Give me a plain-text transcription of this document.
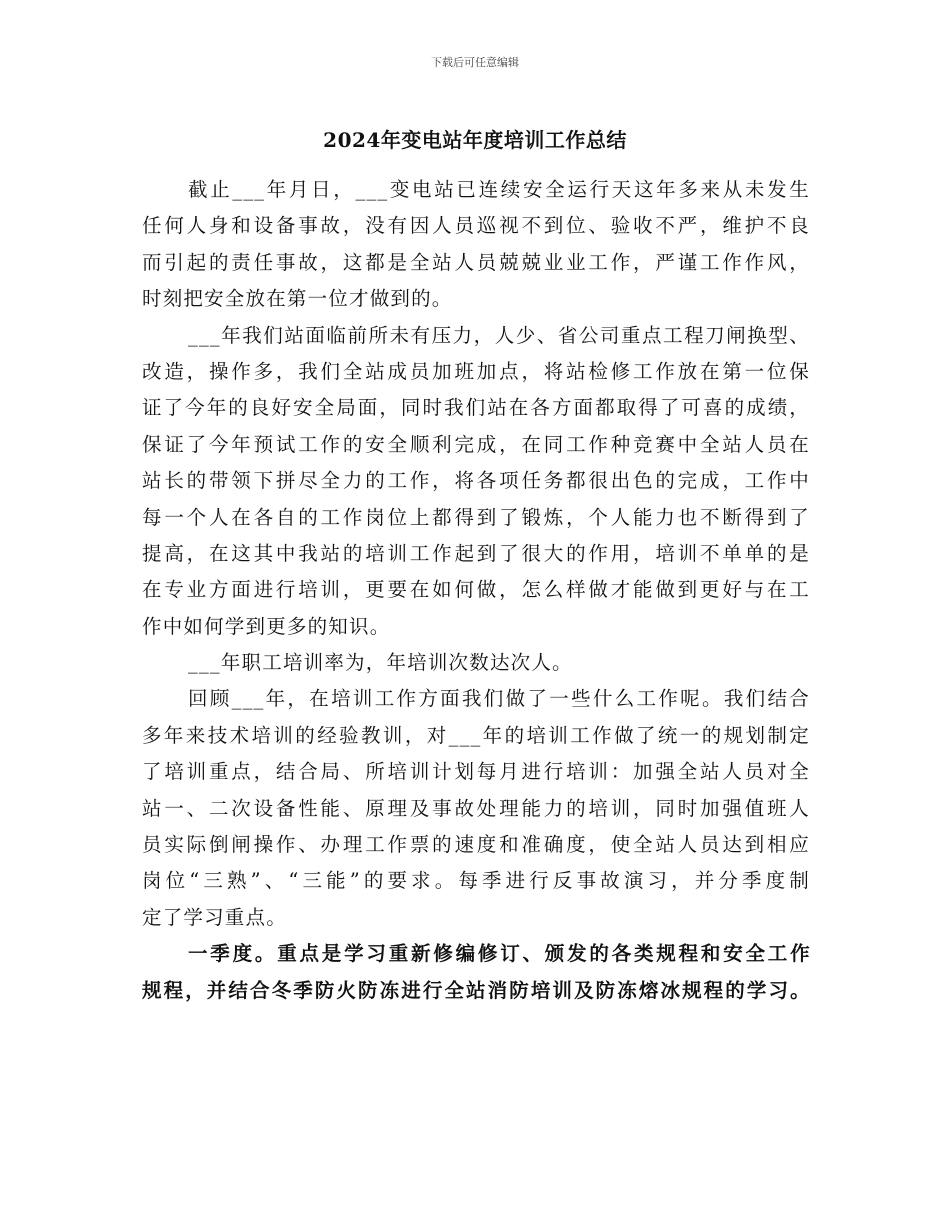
下载后可任意编辑
2024年变电站年度培训工作总结
截止___年月日，___变电站已连续安全运行天这年多来从未发生
任何人身和设备事故，没有因人员巡视不到位、验收不严，维护不良
而引起的责任事故，这都是全站人员兢兢业业工作，严谨工作作风，
时刻把安全放在第一位才做到的。
___年我们站面临前所未有压力，人少、省公司重点工程刀闸换型、
改造，操作多，我们全站成员加班加点，将站检修工作放在第一位保
证了今年的良好安全局面，同时我们站在各方面都取得了可喜的成绩，
保证了今年预试工作的安全顺利完成，在同工作种竞赛中全站人员在
站长的带领下拼尽全力的工作，将各项任务都很出色的完成，工作中
每一个人在各自的工作岗位上都得到了锻炼，个人能力也不断得到了
提高，在这其中我站的培训工作起到了很大的作用，培训不单单的是
在专业方面进行培训，更要在如何做，怎么样做才能做到更好与在工
作中如何学到更多的知识。
___年职工培训率为，年培训次数达次人。
回顾___年，在培训工作方面我们做了一些什么工作呢。我们结合
多年来技术培训的经验教训，对___年的培训工作做了统一的规划制定
了培训重点，结合局、所培训计划每月进行培训：加强全站人员对全
站一、二次设备性能、原理及事故处理能力的培训，同时加强值班人
员实际倒闸操作、办理工作票的速度和准确度，使全站人员达到相应
岗位“三熟”、“三能”的要求。每季进行反事故演习，并分季度制
定了学习重点。
一季度。重点是学习重新修编修订、颁发的各类规程和安全工作
规程，并结合冬季防火防冻进行全站消防培训及防冻熔冰规程的学习。
